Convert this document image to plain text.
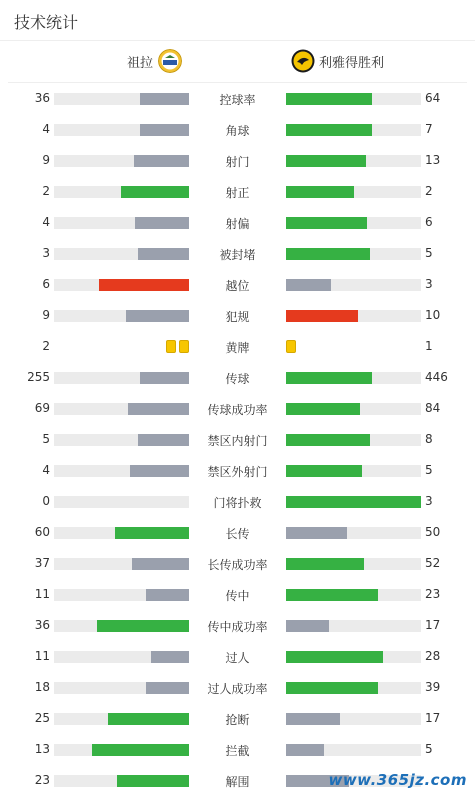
技术统计
祖拉	利雅得胜利
36	控球率	64
4	角球	7
9	射门	13
2	射正	2
4	射偏	6
3	被封堵	5
6	越位	3
9	犯规	10
2	黄牌	1
255	传球	446
69	传球成功率	84
5	禁区内射门	8
4	禁区外射门	5
0	门将扑救	3
60	长传	50
37	长传成功率	52
11	传中	23
36	传中成功率	17
11	过人	28
18	过人成功率	39
25	抢断	17
13	拦截	5
23	解围	www.365jz.com
